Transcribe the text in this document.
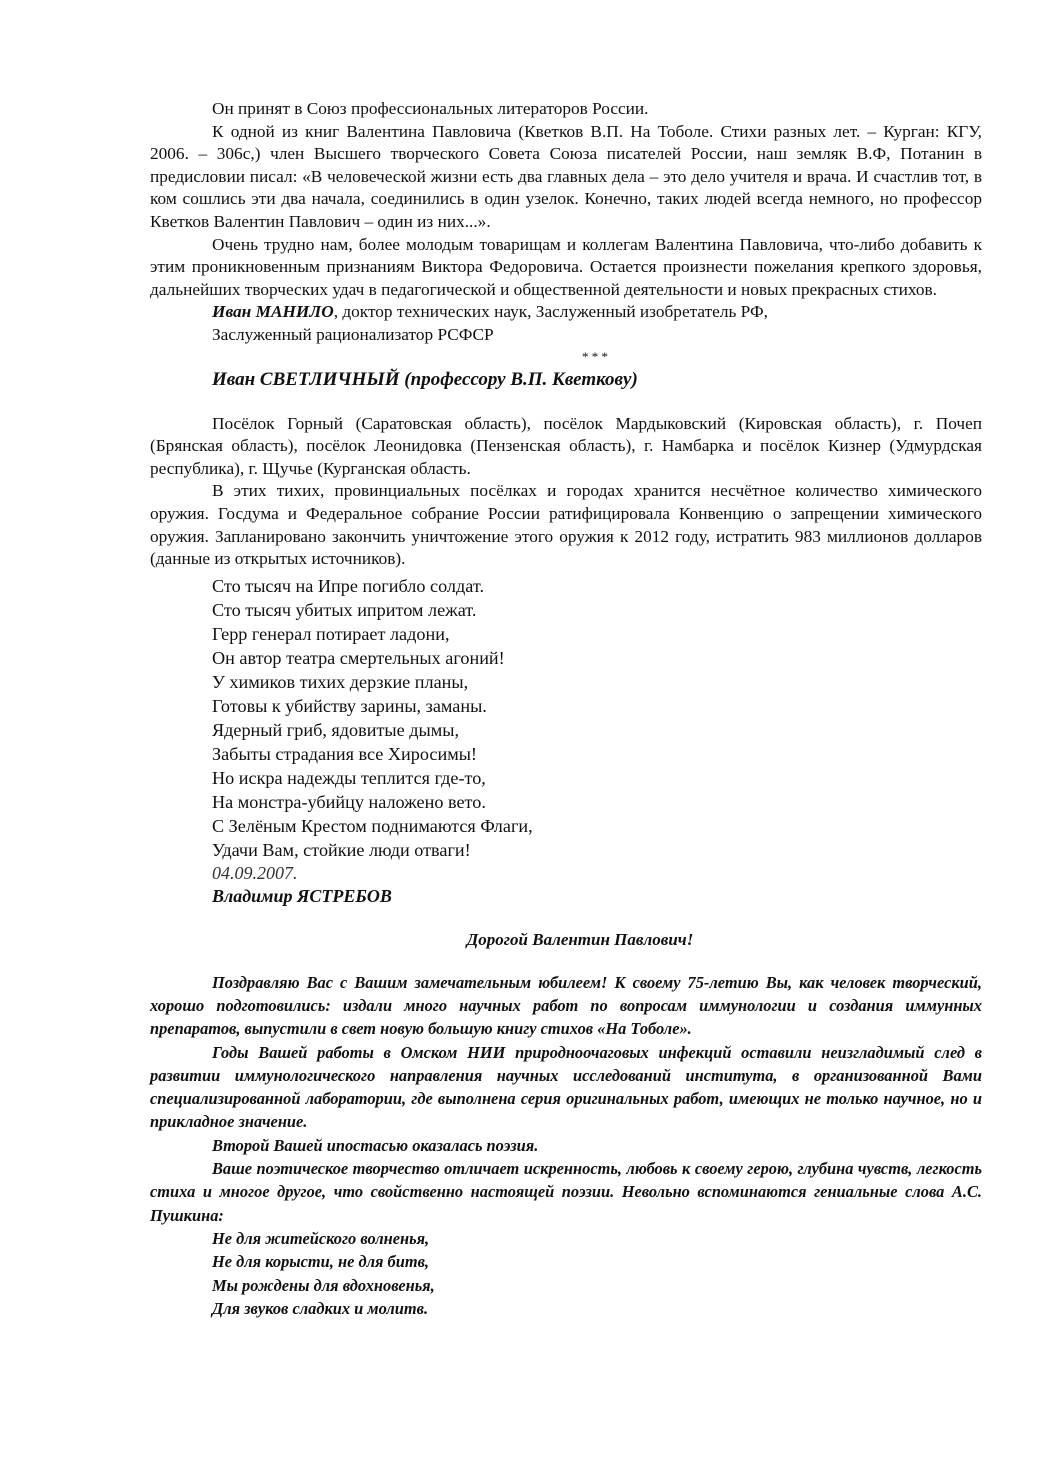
Он принят в Союз профессиональных литераторов России.

К одной из книг Валентина Павловича (Кветков В.П. На Тоболе. Стихи разных лет. – Курган: КГУ, 2006. – 306с,) член Высшего творческого Совета Союза писателей России, наш земляк В.Ф, Потанин в предисловии писал: «В человеческой жизни есть два главных дела – это дело учителя и врача. И счастлив тот, в ком сошлись эти два начала, соединились в один узелок. Конечно, таких людей всегда немного, но профессор Кветков Валентин Павлович – один из них...».

Очень трудно нам, более молодым товарищам и коллегам Валентина Павловича, что-либо добавить к этим проникновенным признаниям Виктора Федоровича. Остается произнести пожелания крепкого здоровья, дальнейших творческих удач в педагогической и общественной деятельности и новых прекрасных стихов.

Иван МАНИЛО, доктор технических наук, Заслуженный изобретатель РФ,

Заслуженный рационализатор РСФСР

* * *

Иван СВЕТЛИЧНЫЙ (профессору В.П. Кветкову)

Посёлок Горный (Саратовская область), посёлок Мардыковский (Кировская область), г. Почеп (Брянская область), посёлок Леонидовка (Пензенская область), г. Намбарка и посёлок Кизнер (Удмурдская республика), г. Щучье (Курганская область.

В этих тихих, провинциальных посёлках и городах хранится несчётное количество химического оружия. Госдума и Федеральное собрание России ратифицировала Конвенцию о запрещении химического оружия. Запланировано закончить уничтожение этого оружия к 2012 году, истратить 983 миллионов долларов (данные из открытых источников).

Сто тысяч на Ипре погибло солдат.

Сто тысяч убитых ипритом лежат.

Герр генерал потирает ладони,

Он автор театра смертельных агоний!

У химиков тихих дерзкие планы,

Готовы к убийству зарины, заманы.

Ядерный гриб, ядовитые дымы,

Забыты страдания все Хиросимы!

Но искра надежды теплится где-то,

На монстра-убийцу наложено вето.

С Зелёным Крестом поднимаются Флаги,

Удачи Вам, стойкие люди отваги!

04.09.2007.

Владимир ЯСТРЕБОВ

Дорогой Валентин Павлович!

Поздравляю Вас с Вашим замечательным юбилеем! К своему 75-летию Вы, как человек творческий, хорошо подготовились: издали много научных работ по вопросам иммунологии и создания иммунных препаратов, выпустили в свет новую большую книгу стихов «На Тоболе».

Годы Вашей работы в Омском НИИ природноочаговых инфекций оставили неизгладимый след в развитии иммунологического направления научных исследований института, в организованной Вами специализированной лаборатории, где выполнена серия оригинальных работ, имеющих не только научное, но и прикладное значение.

Второй Вашей ипостасью оказалась поэзия.

Ваше поэтическое творчество отличает искренность, любовь к своему герою, глубина чувств, легкость стиха и многое другое, что свойственно настоящей поэзии. Невольно вспоминаются гениальные слова А.С. Пушкина:

Не для житейского волненья,

Не для корысти, не для битв,

Мы рождены для вдохновенья,

Для звуков сладких и молитв.
